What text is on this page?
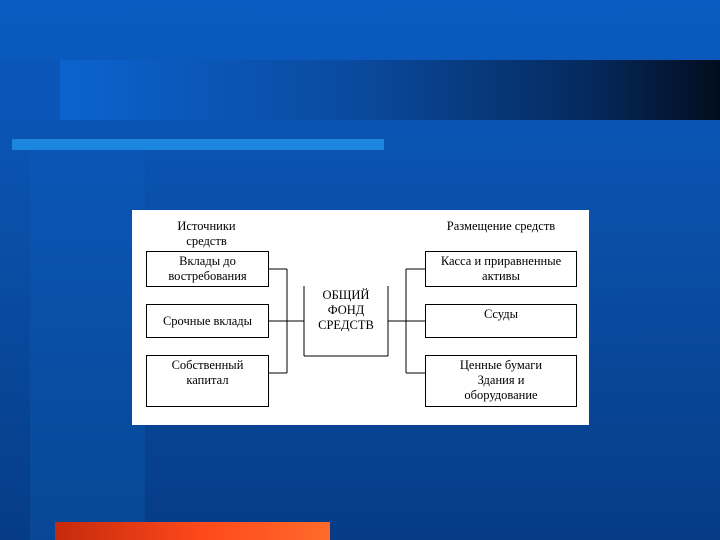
Источники
средств
Размещение средств
Вклады до
востребования
Срочные вклады
Собственный
капитал
ОБЩИЙ
ФОНД
СРЕДСТВ
Касса и приравненные
активы
Ссуды
Ценные бумаги
Здания и
оборудование
